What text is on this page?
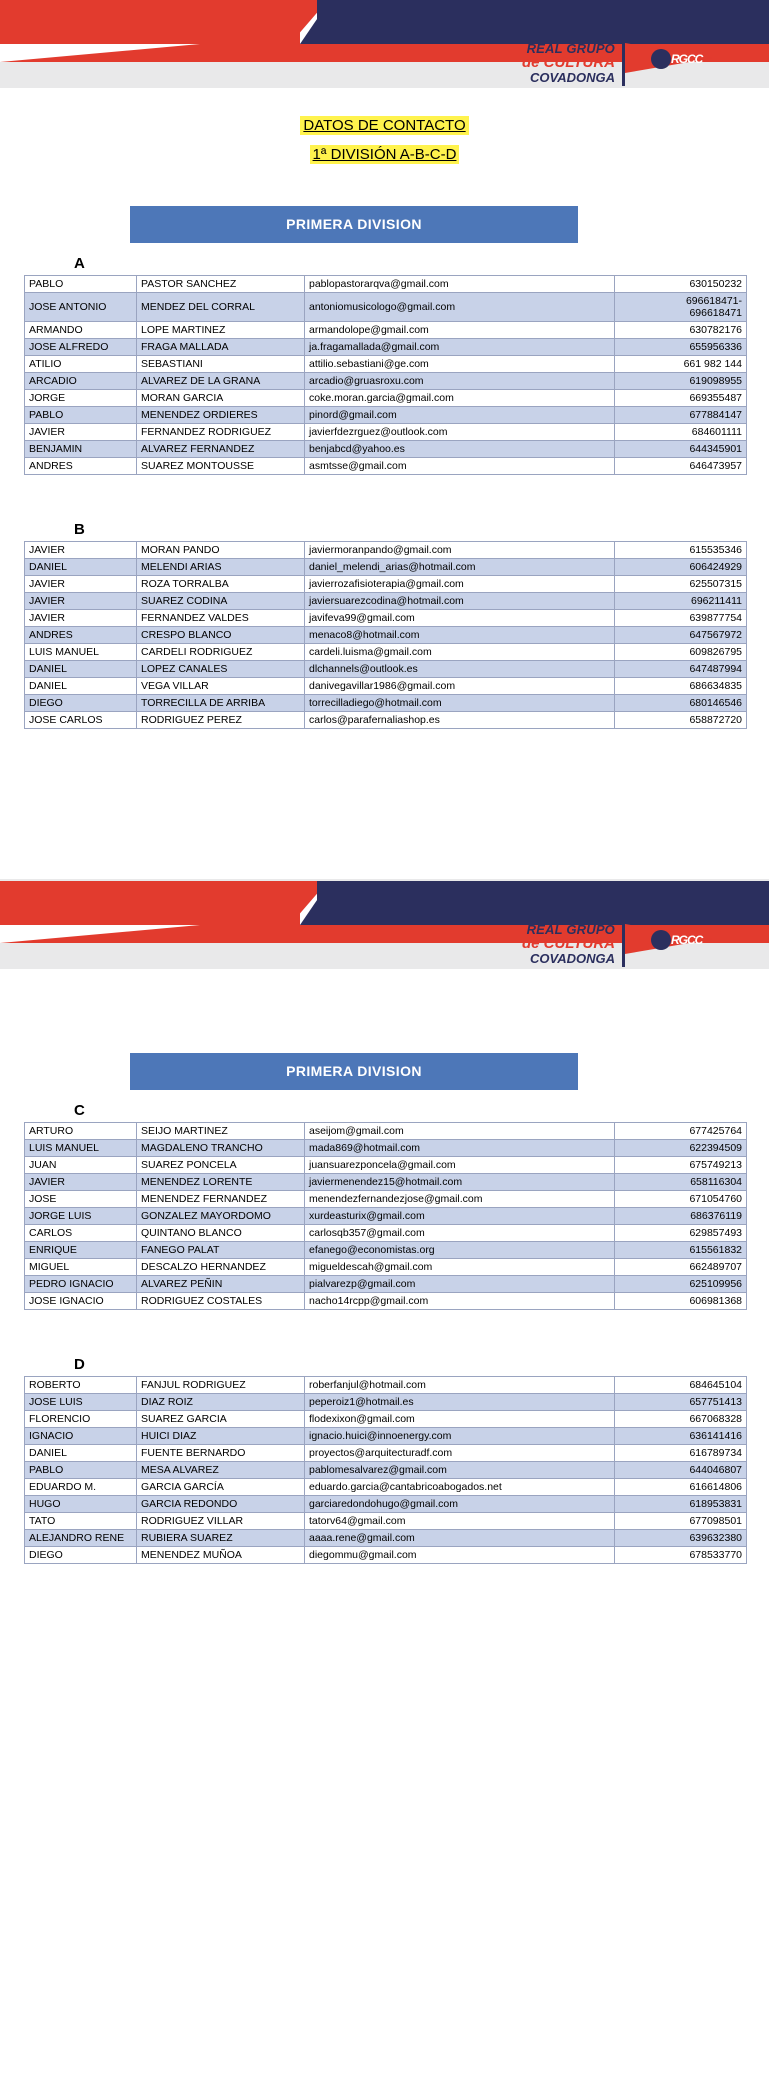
REAL GRUPO
de CULTURA
COVADONGA
RGCC
DATOS DE CONTACTO
1ª DIVISIÓN A-B-C-D
PRIMERA DIVISION
A
PABLO	PASTOR SANCHEZ	pablopastorarqva@gmail.com	630150232
JOSE ANTONIO	MENDEZ DEL CORRAL	antoniomusicologo@gmail.com	696618471-
696618471
ARMANDO	LOPE MARTINEZ	armandolope@gmail.com	630782176
JOSE ALFREDO	FRAGA MALLADA	ja.fragamallada@gmail.com	655956336
ATILIO	SEBASTIANI	attilio.sebastiani@ge.com	661 982 144
ARCADIO	ALVAREZ DE LA GRANA	arcadio@gruasroxu.com	619098955
JORGE	MORAN GARCIA	coke.moran.garcia@gmail.com	669355487
PABLO	MENENDEZ ORDIERES	pinord@gmail.com	677884147
JAVIER	FERNANDEZ RODRIGUEZ	javierfdezrguez@outlook.com	684601111
BENJAMIN	ALVAREZ FERNANDEZ	benjabcd@yahoo.es	644345901
ANDRES	SUAREZ MONTOUSSE	asmtsse@gmail.com	646473957
B
JAVIER	MORAN PANDO	javiermoranpando@gmail.com	615535346
DANIEL	MELENDI ARIAS	daniel_melendi_arias@hotmail.com	606424929
JAVIER	ROZA TORRALBA	javierrozafisioterapia@gmail.com	625507315
JAVIER	SUAREZ CODINA	javiersuarezcodina@hotmail.com	696211411
JAVIER	FERNANDEZ VALDES	javifeva99@gmail.com	639877754
ANDRES	CRESPO BLANCO	menaco8@hotmail.com	647567972
LUIS MANUEL	CARDELI RODRIGUEZ	cardeli.luisma@gmail.com	609826795
DANIEL	LOPEZ CANALES	dlchannels@outlook.es	647487994
DANIEL	VEGA VILLAR	danivegavillar1986@gmail.com	686634835
DIEGO	TORRECILLA DE ARRIBA	torrecilladiego@hotmail.com	680146546
JOSE CARLOS	RODRIGUEZ PEREZ	carlos@parafernaliashop.es	658872720
REAL GRUPO
de CULTURA
COVADONGA
RGCC
PRIMERA DIVISION
C
ARTURO	SEIJO MARTINEZ	aseijom@gmail.com	677425764
LUIS MANUEL	MAGDALENO TRANCHO	mada869@hotmail.com	622394509
JUAN	SUAREZ PONCELA	juansuarezponcela@gmail.com	675749213
JAVIER	MENENDEZ LORENTE	javiermenendez15@hotmail.com	658116304
JOSE	MENENDEZ FERNANDEZ	menendezfernandezjose@gmail.com	671054760
JORGE LUIS	GONZALEZ MAYORDOMO	xurdeasturix@gmail.com	686376119
CARLOS	QUINTANO BLANCO	carlosqb357@gmail.com	629857493
ENRIQUE	FANEGO PALAT	efanego@economistas.org	615561832
MIGUEL	DESCALZO HERNANDEZ	migueldescah@gmail.com	662489707
PEDRO IGNACIO	ALVAREZ PEÑIN	pialvarezp@gmail.com	625109956
JOSE IGNACIO	RODRIGUEZ COSTALES	nacho14rcpp@gmail.com	606981368
D
ROBERTO	FANJUL RODRIGUEZ	roberfanjul@hotmail.com	684645104
JOSE LUIS	DIAZ ROIZ	peperoiz1@hotmail.es	657751413
FLORENCIO	SUAREZ GARCIA	flodexixon@gmail.com	667068328
IGNACIO	HUICI DIAZ	ignacio.huici@innoenergy.com	636141416
DANIEL	FUENTE BERNARDO	proyectos@arquitecturadf.com	616789734
PABLO	MESA ALVAREZ	pablomesalvarez@gmail.com	644046807
EDUARDO M.	GARCIA GARCÍA	eduardo.garcia@cantabricoabogados.net	616614806
HUGO	GARCIA REDONDO	garciaredondohugo@gmail.com	618953831
TATO	RODRIGUEZ VILLAR	tatorv64@gmail.com	677098501
ALEJANDRO RENE	RUBIERA SUAREZ	aaaa.rene@gmail.com	639632380
DIEGO	MENENDEZ MUÑOA	diegommu@gmail.com	678533770
